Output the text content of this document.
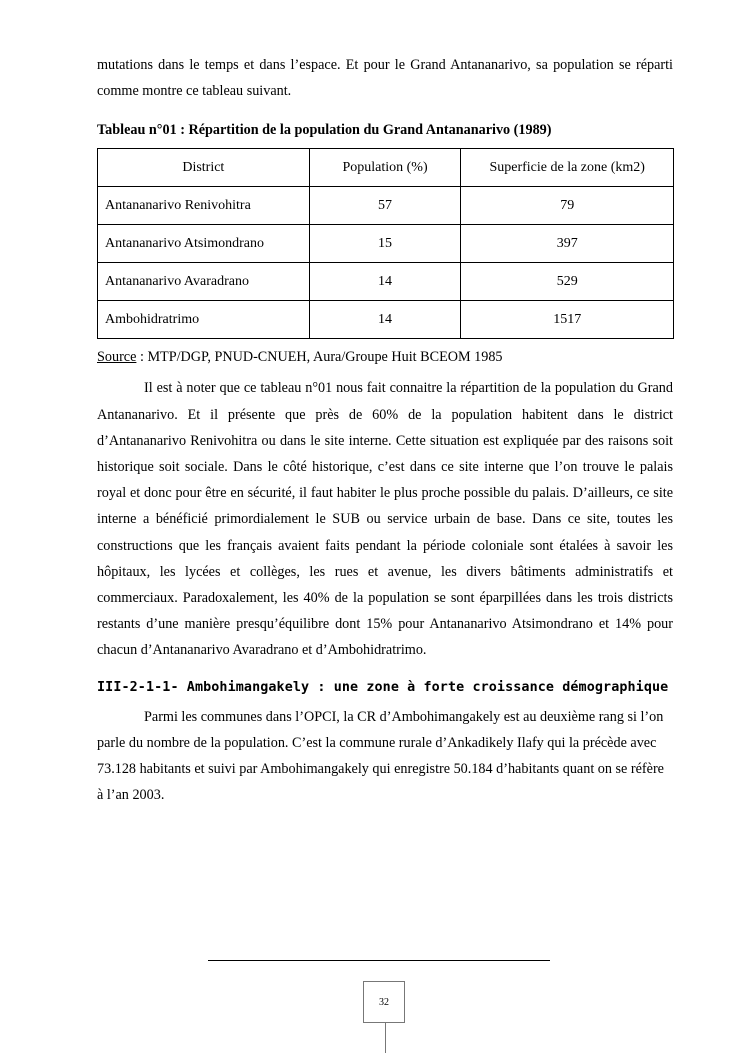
mutations dans le temps et dans l’espace. Et pour le Grand Antananarivo, sa population se réparti comme montre ce tableau suivant.

Tableau n°01 : Répartition de la population du Grand Antananarivo (1989)
District	Population (%)	Superficie de la zone (km2)
Antananarivo Renivohitra	57	79
Antananarivo Atsimondrano	15	397
Antananarivo Avaradrano	14	529
Ambohidratrimo	14	1517
Source : MTP/DGP, PNUD-CNUEH, Aura/Groupe Huit BCEOM 1985

Il est à noter que ce tableau n°01 nous fait connaitre la répartition de la population du Grand Antananarivo. Et il présente que près de 60% de la population habitent dans le district d’Antananarivo Renivohitra ou dans le site interne. Cette situation est expliquée par des raisons soit historique soit sociale. Dans le côté historique, c’est dans ce site interne que l’on trouve le palais royal et donc pour être en sécurité, il faut habiter le plus proche possible du palais. D’ailleurs, ce site interne a bénéficié primordialement le SUB ou service urbain de base. Dans ce site, toutes les constructions que les français avaient faits pendant la période coloniale sont étalées à savoir les hôpitaux, les lycées et collèges, les rues et avenue, les divers bâtiments administratifs et commerciaux. Paradoxalement, les 40% de la population se sont éparpillées dans les trois districts restants d’une manière presqu’équilibre dont 15% pour Antananarivo Atsimondrano et 14% pour chacun d’Antananarivo Avaradrano et d’Ambohidratrimo.

III-2-1-1- Ambohimangakely : une zone à forte croissance démographique

Parmi les communes dans l’OPCI, la CR d’Ambohimangakely est au deuxième rang si l’on parle du nombre de la population. C’est la commune rurale d’Ankadikely Ilafy qui la précède avec 73.128 habitants et suivi par Ambohimangakely qui enregistre 50.184 d’habitants quant on se réfère à l’an 2003.

32
